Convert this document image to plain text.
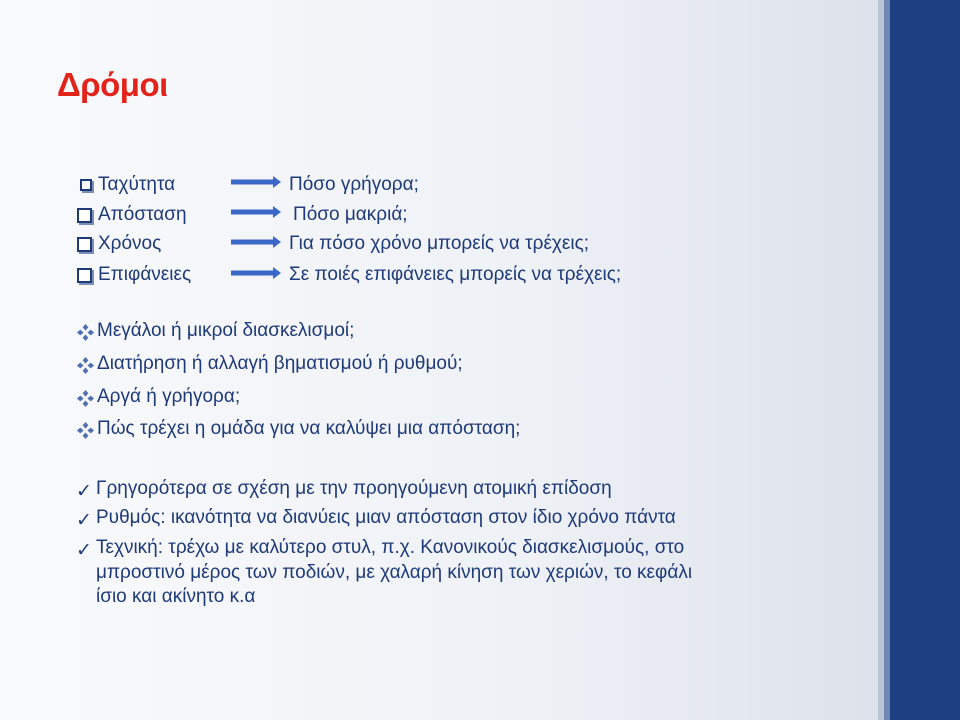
Δρόμοι
Ταχύτητα	Πόσο γρήγορα;
Απόσταση	Πόσο μακριά;
Χρόνος	Για πόσο χρόνο μπορείς να τρέχεις;
Επιφάνειες	Σε ποιές επιφάνειες μπορείς να τρέχεις;
Μεγάλοι ή μικροί διασκελισμοί;
Διατήρηση ή αλλαγή βηματισμού ή ρυθμού;
Αργά ή γρήγορα;
Πώς τρέχει η ομάδα για να καλύψει μια απόσταση;
✓ Γρηγορότερα σε σχέση με την προηγούμενη ατομική επίδοση
✓ Ρυθμός: ικανότητα να διανύεις μιαν απόσταση στον ίδιο χρόνο πάντα
✓ Τεχνική: τρέχω με καλύτερο στυλ, π.χ. Κανονικούς διασκελισμούς, στο
μπροστινό μέρος των ποδιών, με χαλαρή κίνηση των χεριών, το κεφάλι
ίσιο και ακίνητο κ.α
